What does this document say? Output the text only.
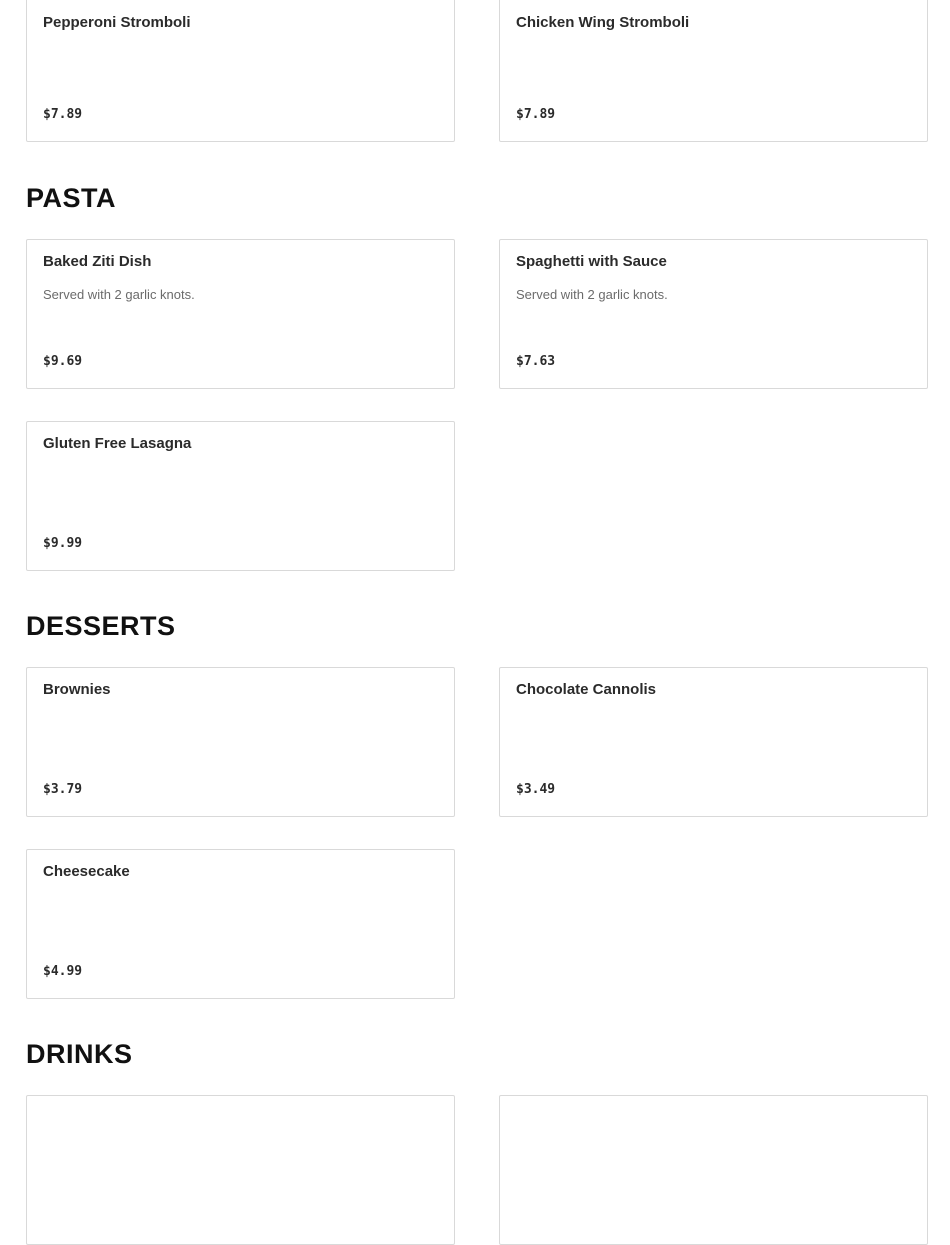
Pepperoni Stromboli
$7.89
Chicken Wing Stromboli
$7.89
PASTA
Baked Ziti Dish
Served with 2 garlic knots.
$9.69
Spaghetti with Sauce
Served with 2 garlic knots.
$7.63
Gluten Free Lasagna
$9.99
DESSERTS
Brownies
$3.79
Chocolate Cannolis
$3.49
Cheesecake
$4.99
DRINKS
